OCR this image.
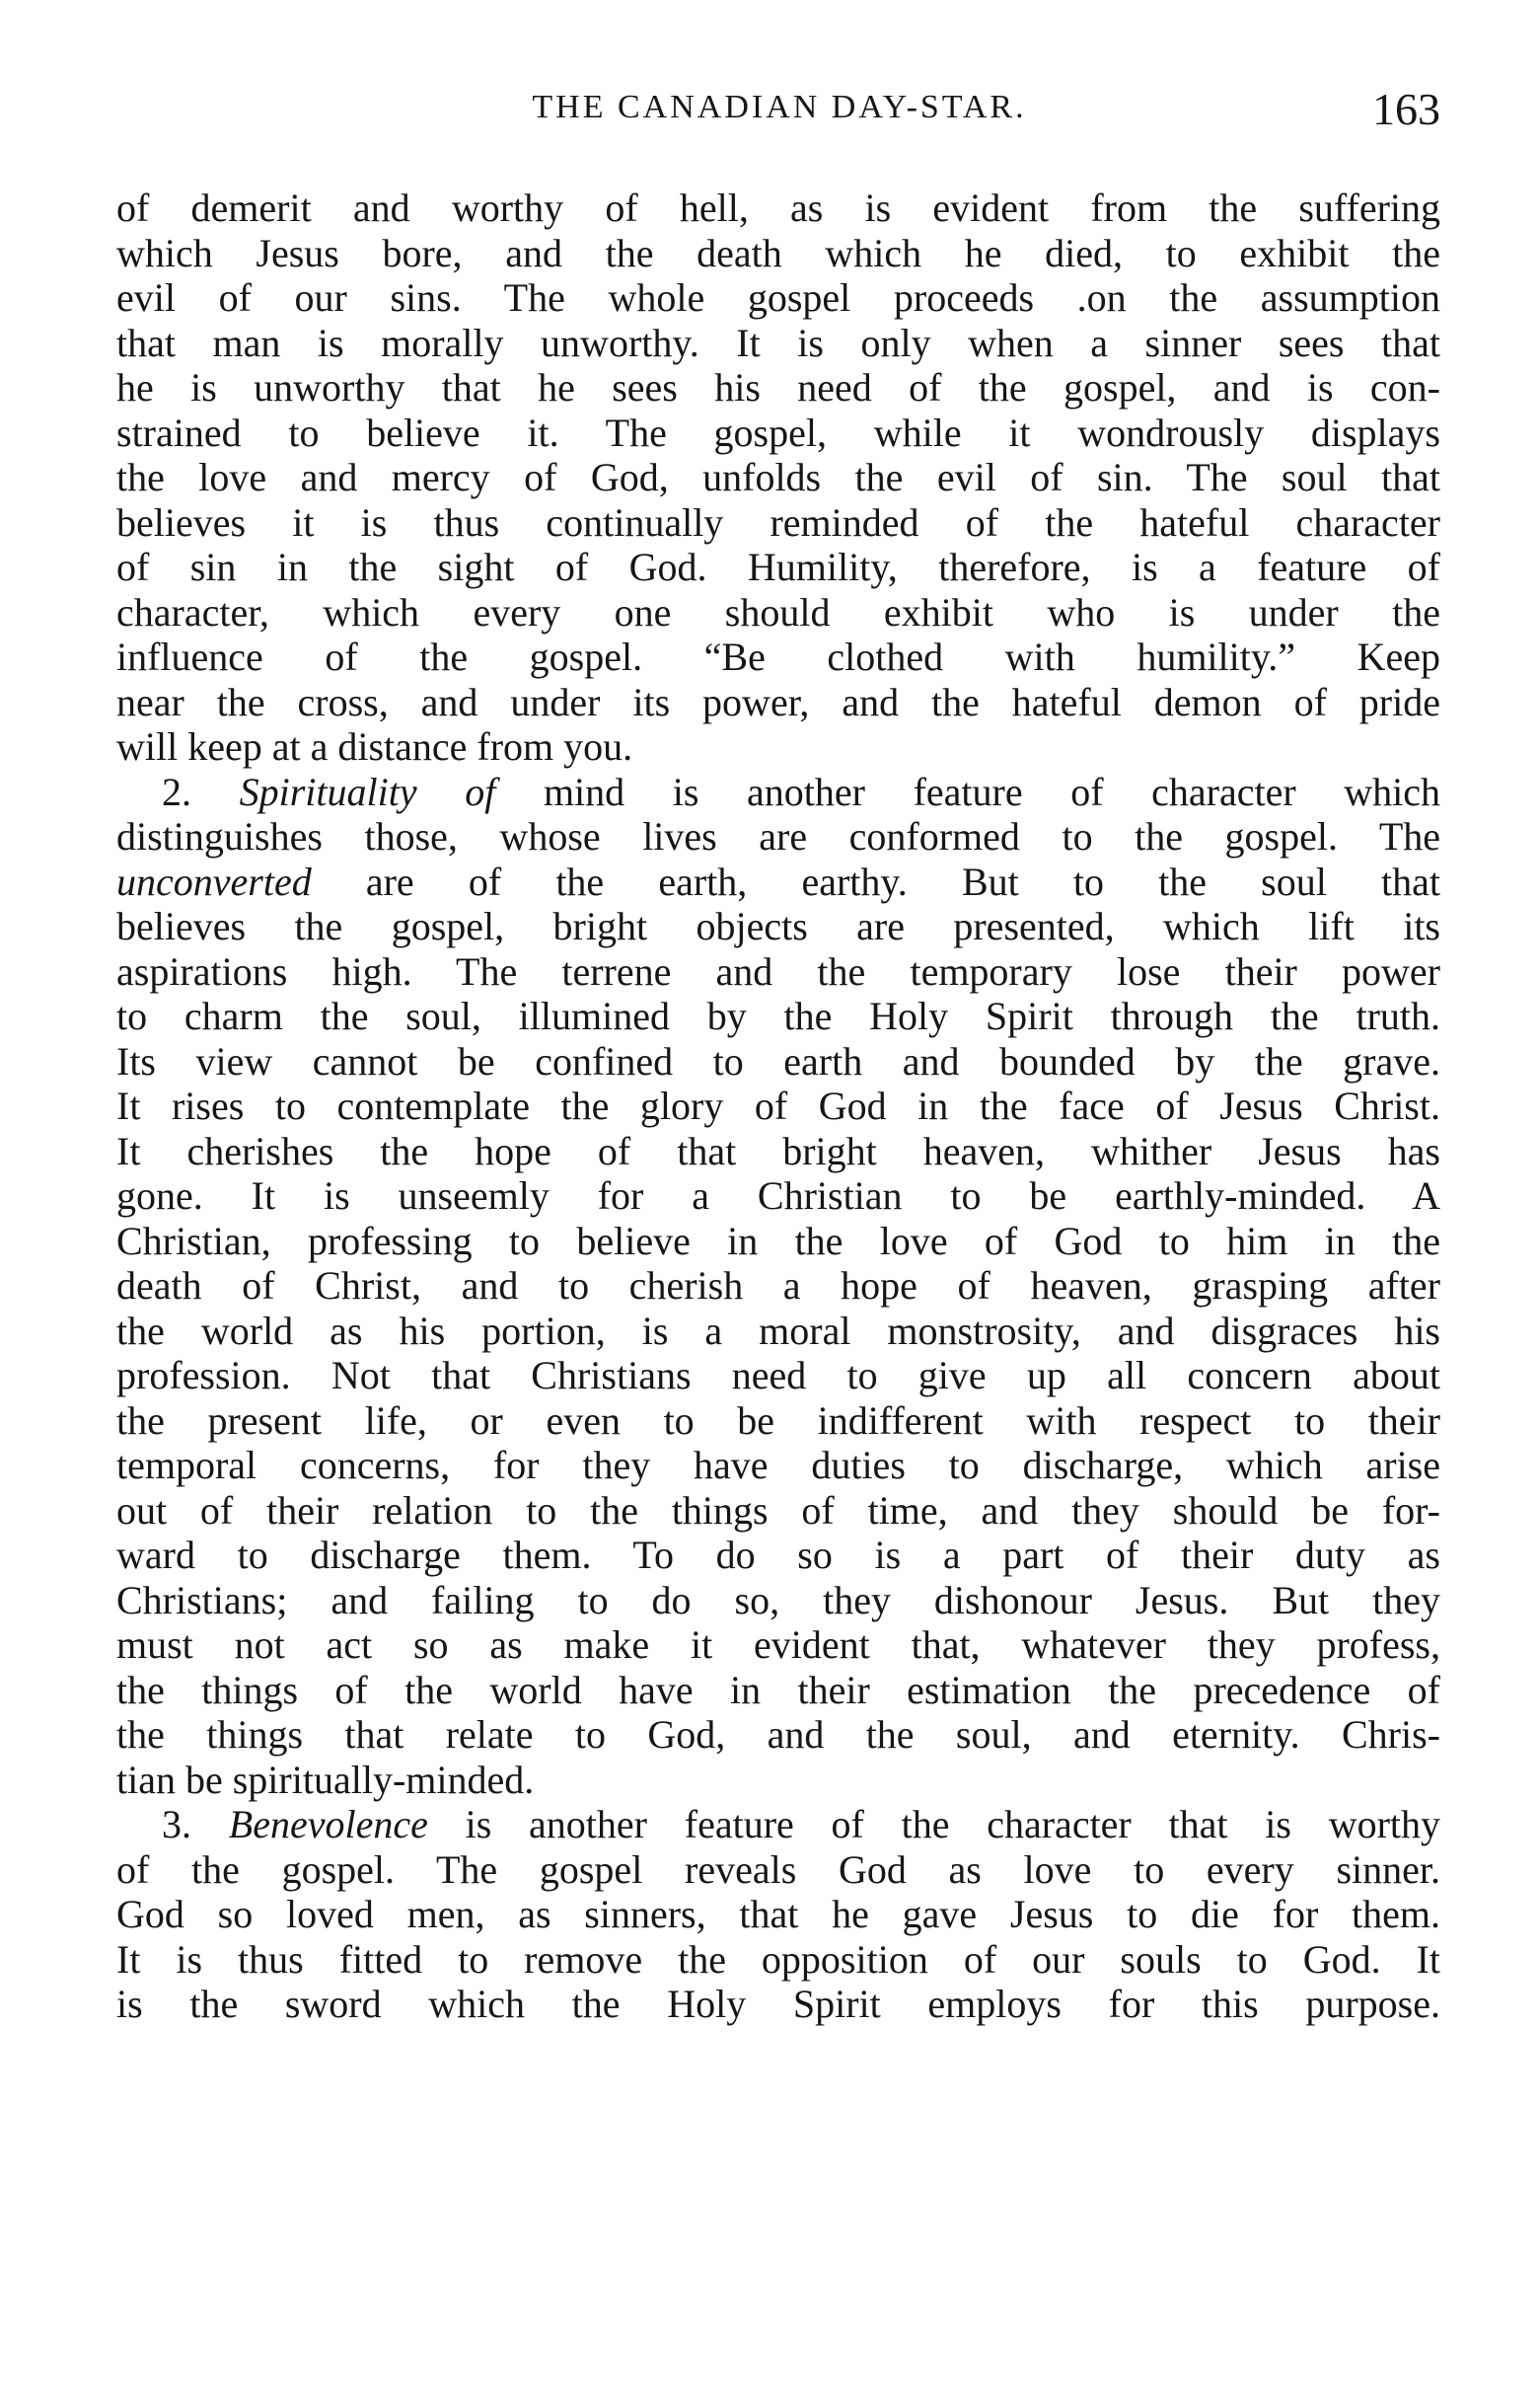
THE CANADIAN DAY-STAR.	163
of demerit and worthy of hell, as is evident from the suffering
which Jesus bore, and the death which he died, to exhibit the
evil of our sins. The whole gospel proceeds .on the assumption
that man is morally unworthy. It is only when a sinner sees that
he is unworthy that he sees his need of the gospel, and is con-
strained to believe it. The gospel, while it wondrously displays
the love and mercy of God, unfolds the evil of sin. The soul that
believes it is thus continually reminded of the hateful character
of sin in the sight of God. Humility, therefore, is a feature of
character, which every one should exhibit who is under the
influence of the gospel. “Be clothed with humility.” Keep
near the cross, and under its power, and the hateful demon of pride
will keep at a distance from you.
2. Spirituality of mind is another feature of character which
distinguishes those, whose lives are conformed to the gospel. The
unconverted are of the earth, earthy. But to the soul that
believes the gospel, bright objects are presented, which lift its
aspirations high. The terrene and the temporary lose their power
to charm the soul, illumined by the Holy Spirit through the truth.
Its view cannot be confined to earth and bounded by the grave.
It rises to contemplate the glory of God in the face of Jesus Christ.
It cherishes the hope of that bright heaven, whither Jesus has
gone. It is unseemly for a Christian to be earthly-minded. A
Christian, professing to believe in the love of God to him in the
death of Christ, and to cherish a hope of heaven, grasping after
the world as his portion, is a moral monstrosity, and disgraces his
profession. Not that Christians need to give up all concern about
the present life, or even to be indifferent with respect to their
temporal concerns, for they have duties to discharge, which arise
out of their relation to the things of time, and they should be for-
ward to discharge them. To do so is a part of their duty as
Christians; and failing to do so, they dishonour Jesus. But they
must not act so as make it evident that, whatever they profess,
the things of the world have in their estimation the precedence of
the things that relate to God, and the soul, and eternity. Chris-
tian be spiritually-minded.
3. Benevolence is another feature of the character that is worthy
of the gospel. The gospel reveals God as love to every sinner.
God so loved men, as sinners, that he gave Jesus to die for them.
It is thus fitted to remove the opposition of our souls to God. It
is the sword which the Holy Spirit employs for this purpose.
